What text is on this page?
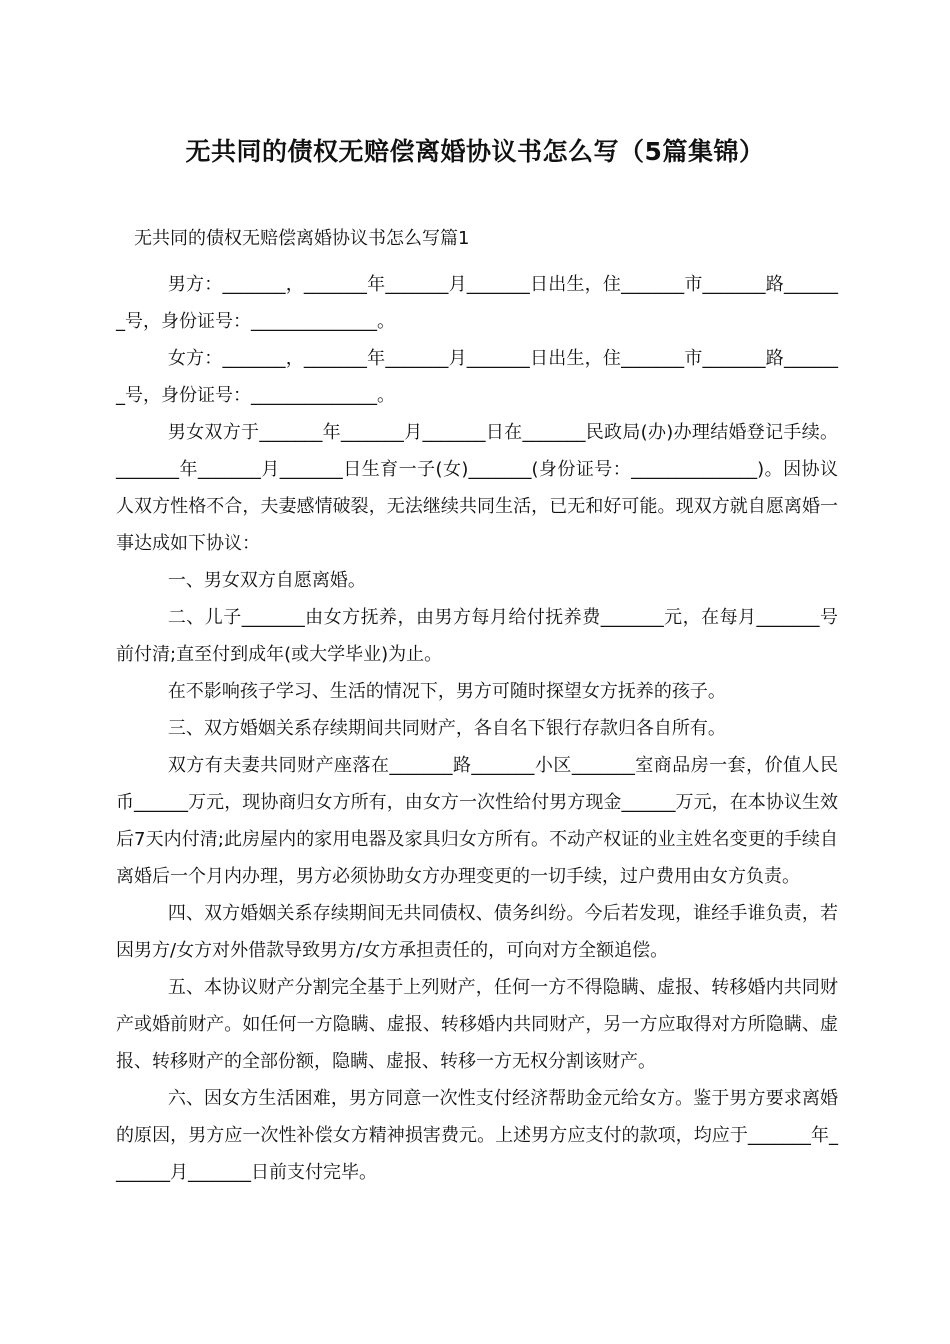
无共同的债权无赔偿离婚协议书怎么写（5篇集锦）

无共同的债权无赔偿离婚协议书怎么写篇1

男方：_______，_______年_______月_______日出生，住_______市_______路_______号，身份证号：______________。

女方：_______，_______年_______月_______日出生，住_______市_______路_______号，身份证号：______________。

男女双方于_______年_______月_______日在_______民政局(办)办理结婚登记手续。_______年_______月_______日生育一子(女)_______(身份证号：______________)。因协议人双方性格不合，夫妻感情破裂，无法继续共同生活，已无和好可能。现双方就自愿离婚一事达成如下协议：

一、男女双方自愿离婚。

二、儿子_______由女方抚养，由男方每月给付抚养费_______元，在每月_______号前付清;直至付到成年(或大学毕业)为止。

在不影响孩子学习、生活的情况下，男方可随时探望女方抚养的孩子。

三、双方婚姻关系存续期间共同财产，各自名下银行存款归各自所有。

双方有夫妻共同财产座落在_______路_______小区_______室商品房一套，价值人民币______万元，现协商归女方所有，由女方一次性给付男方现金______万元，在本协议生效后7天内付清;此房屋内的家用电器及家具归女方所有。不动产权证的业主姓名变更的手续自离婚后一个月内办理，男方必须协助女方办理变更的一切手续，过户费用由女方负责。

四、双方婚姻关系存续期间无共同债权、债务纠纷。今后若发现，谁经手谁负责，若因男方/女方对外借款导致男方/女方承担责任的，可向对方全额追偿。

五、本协议财产分割完全基于上列财产，任何一方不得隐瞒、虚报、转移婚内共同财产或婚前财产。如任何一方隐瞒、虚报、转移婚内共同财产，另一方应取得对方所隐瞒、虚报、转移财产的全部份额，隐瞒、虚报、转移一方无权分割该财产。

六、因女方生活困难，男方同意一次性支付经济帮助金元给女方。鉴于男方要求离婚的原因，男方应一次性补偿女方精神损害费元。上述男方应支付的款项，均应于_______年_______月_______日前支付完毕。
